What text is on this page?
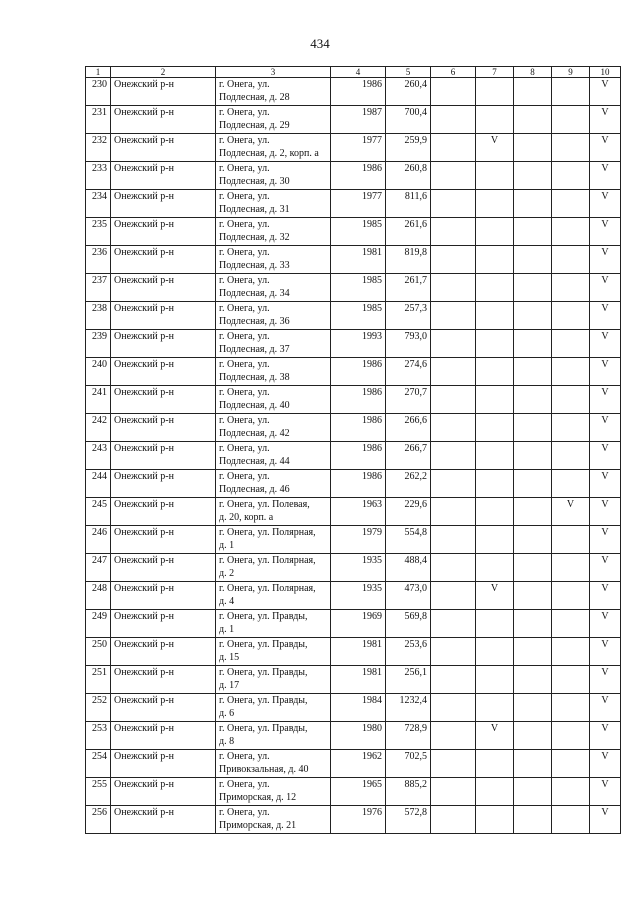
434
1	2	3	4	5	6	7	8	9	10
230	Онежский р-н	г. Онега, ул.
Подлесная, д. 28	1986	260,4					V
231	Онежский р-н	г. Онега, ул.
Подлесная, д. 29	1987	700,4					V
232	Онежский р-н	г. Онега, ул.
Подлесная, д. 2, корп. а	1977	259,9		V			V
233	Онежский р-н	г. Онега, ул.
Подлесная, д. 30	1986	260,8					V
234	Онежский р-н	г. Онега, ул.
Подлесная, д. 31	1977	811,6					V
235	Онежский р-н	г. Онега, ул.
Подлесная, д. 32	1985	261,6					V
236	Онежский р-н	г. Онега, ул.
Подлесная, д. 33	1981	819,8					V
237	Онежский р-н	г. Онега, ул.
Подлесная, д. 34	1985	261,7					V
238	Онежский р-н	г. Онега, ул.
Подлесная, д. 36	1985	257,3					V
239	Онежский р-н	г. Онега, ул.
Подлесная, д. 37	1993	793,0					V
240	Онежский р-н	г. Онега, ул.
Подлесная, д. 38	1986	274,6					V
241	Онежский р-н	г. Онега, ул.
Подлесная, д. 40	1986	270,7					V
242	Онежский р-н	г. Онега, ул.
Подлесная, д. 42	1986	266,6					V
243	Онежский р-н	г. Онега, ул.
Подлесная, д. 44	1986	266,7					V
244	Онежский р-н	г. Онега, ул.
Подлесная, д. 46	1986	262,2					V
245	Онежский р-н	г. Онега, ул. Полевая,
д. 20, корп. а	1963	229,6				V	V
246	Онежский р-н	г. Онега, ул. Полярная,
д. 1	1979	554,8					V
247	Онежский р-н	г. Онега, ул. Полярная,
д. 2	1935	488,4					V
248	Онежский р-н	г. Онега, ул. Полярная,
д. 4	1935	473,0		V			V
249	Онежский р-н	г. Онега, ул. Правды,
д. 1	1969	569,8					V
250	Онежский р-н	г. Онега, ул. Правды,
д. 15	1981	253,6					V
251	Онежский р-н	г. Онега, ул. Правды,
д. 17	1981	256,1					V
252	Онежский р-н	г. Онега, ул. Правды,
д. 6	1984	1232,4					V
253	Онежский р-н	г. Онега, ул. Правды,
д. 8	1980	728,9		V			V
254	Онежский р-н	г. Онега, ул.
Привокзальная, д. 40	1962	702,5					V
255	Онежский р-н	г. Онега, ул.
Приморская, д. 12	1965	885,2					V
256	Онежский р-н	г. Онега, ул.
Приморская, д. 21	1976	572,8					V
